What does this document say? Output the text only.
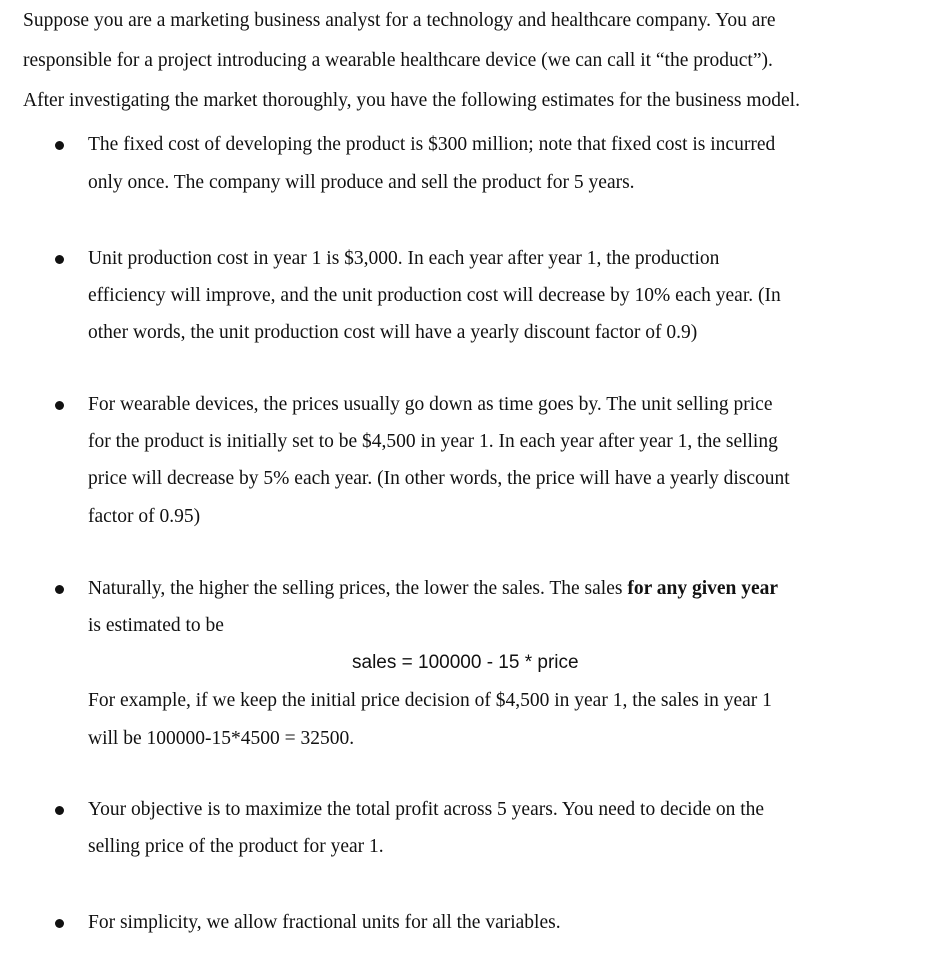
Suppose you are a marketing business analyst for a technology and healthcare company. You are
responsible for a project introducing a wearable healthcare device (we can call it “the product”).
After investigating the market thoroughly, you have the following estimates for the business model.
The fixed cost of developing the product is $300 million; note that fixed cost is incurred
only once. The company will produce and sell the product for 5 years.
Unit production cost in year 1 is $3,000. In each year after year 1, the production
efficiency will improve, and the unit production cost will decrease by 10% each year. (In
other words, the unit production cost will have a yearly discount factor of 0.9)
For wearable devices, the prices usually go down as time goes by. The unit selling price
for the product is initially set to be $4,500 in year 1. In each year after year 1, the selling
price will decrease by 5% each year. (In other words, the price will have a yearly discount
factor of 0.95)
Naturally, the higher the selling prices, the lower the sales. The sales for any given year
is estimated to be
sales = 100000 - 15 * price
For example, if we keep the initial price decision of $4,500 in year 1, the sales in year 1
will be 100000-15*4500 = 32500.
Your objective is to maximize the total profit across 5 years. You need to decide on the
selling price of the product for year 1.
For simplicity, we allow fractional units for all the variables.
